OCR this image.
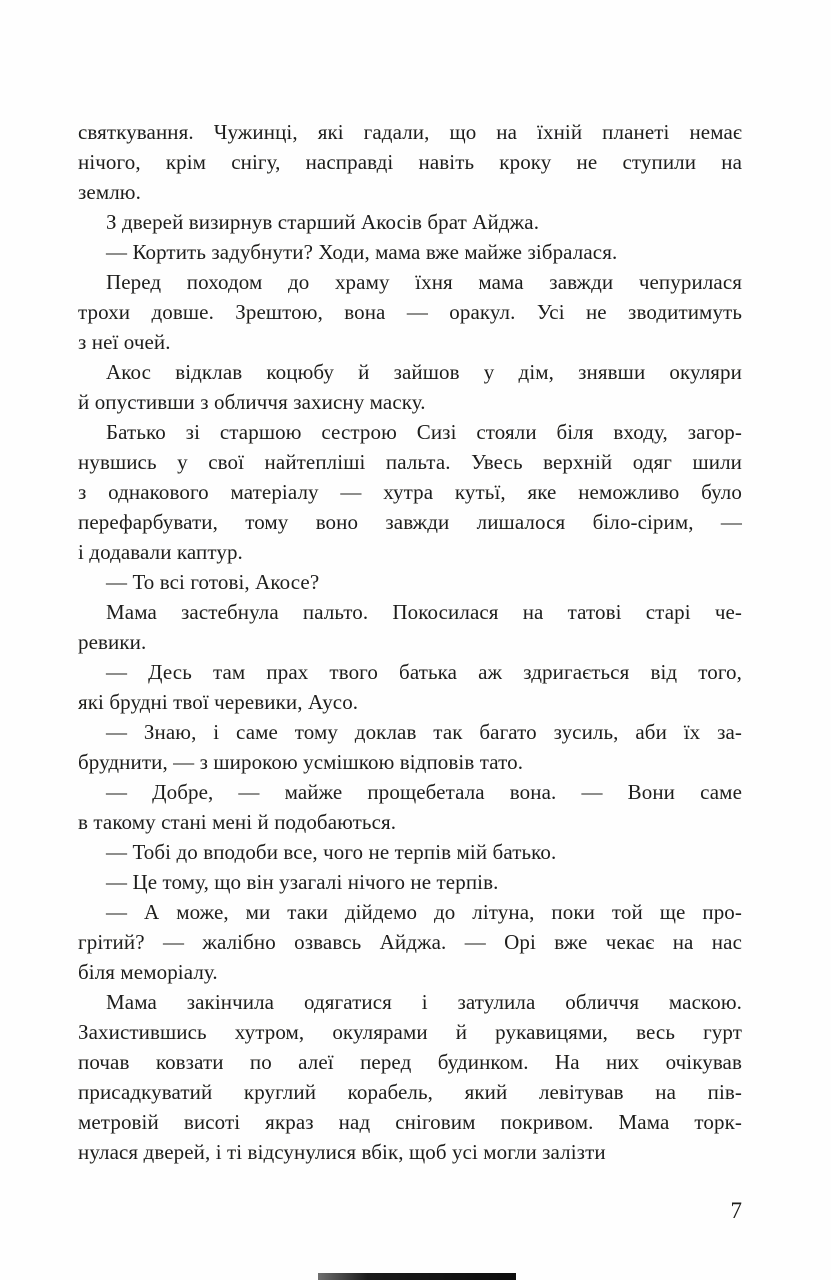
святкування. Чужинці, які гадали, що на їхній планеті немає
нічого, крім снігу, насправді навіть кроку не ступили на
землю.
З дверей визирнув старший Акосів брат Айджа.
— Кортить задубнути? Ходи, мама вже майже зібралася.
Перед походом до храму їхня мама завжди чепурилася
трохи довше. Зрештою, вона — оракул. Усі не зводитимуть
з неї очей.
Акос відклав коцюбу й зайшов у дім, знявши окуляри
й опустивши з обличчя захисну маску.
Батько зі старшою сестрою Сизі стояли біля входу, загор-
нувшись у свої найтепліші пальта. Увесь верхній одяг шили
з однакового матеріалу — хутра кутьї, яке неможливо було
перефарбувати, тому воно завжди лишалося біло-сірим, —
і додавали каптур.
— То всі готові, Акосе?
Мама застебнула пальто. Покосилася на татові старі че-
ревики.
— Десь там прах твого батька аж здригається від того,
які брудні твої черевики, Аусо.
— Знаю, і саме тому доклав так багато зусиль, аби їх за-
бруднити, — з широкою усмішкою відповів тато.
— Добре, — майже прощебетала вона. — Вони саме
в такому стані мені й подобаються.
— Тобі до вподоби все, чого не терпів мій батько.
— Це тому, що він узагалі нічого не терпів.
— А може, ми таки дійдемо до літуна, поки той ще про-
грітий? — жалібно озвавсь Айджа. — Орі вже чекає на нас
біля меморіалу.
Мама закінчила одягатися і затулила обличчя маскою.
Захистившись хутром, окулярами й рукавицями, весь гурт
почав ковзати по алеї перед будинком. На них очікував
присадкуватий круглий корабель, який левітував на пів-
метровій висоті якраз над сніговим покривом. Мама торк-
нулася дверей, і ті відсунулися вбік, щоб усі могли залізти
7
